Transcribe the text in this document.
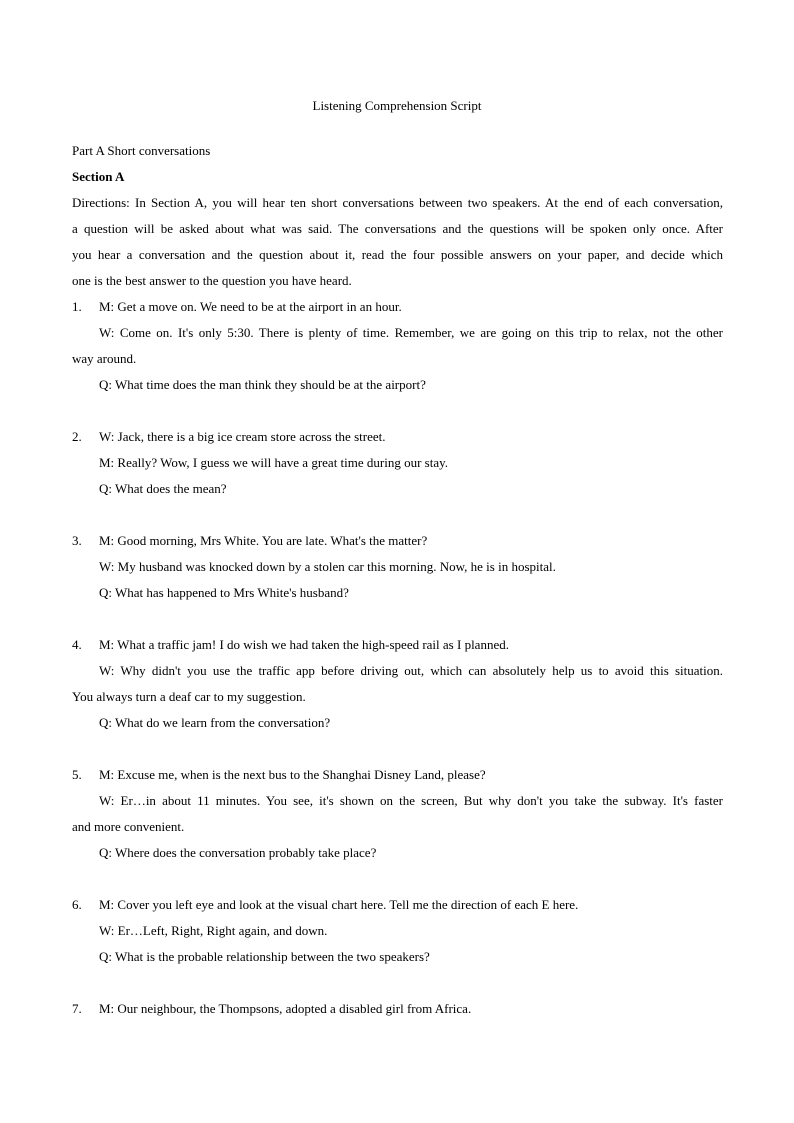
Listening Comprehension Script
Part A Short conversations
Section A
Directions: In Section A, you will hear ten short conversations between two speakers. At the end of each conversation,
a question will be asked about what was said. The conversations and the questions will be spoken only once. After
you hear a conversation and the question about it, read the four possible answers on your paper, and decide which
one is the best answer to the question you have heard.
1. M: Get a move on. We need to be at the airport in an hour.
W: Come on. It's only 5:30. There is plenty of time. Remember, we are going on this trip to relax, not the other
way around.
Q: What time does the man think they should be at the airport?
2. W: Jack, there is a big ice cream store across the street.
M: Really? Wow, I guess we will have a great time during our stay.
Q: What does the mean?
3. M: Good morning, Mrs White. You are late. What's the matter?
W: My husband was knocked down by a stolen car this morning. Now, he is in hospital.
Q: What has happened to Mrs White's husband?
4. M: What a traffic jam! I do wish we had taken the high-speed rail as I planned.
W: Why didn't you use the traffic app before driving out, which can absolutely help us to avoid this situation.
You always turn a deaf car to my suggestion.
Q: What do we learn from the conversation?
5. M: Excuse me, when is the next bus to the Shanghai Disney Land, please?
W: Er…in about 11 minutes. You see, it's shown on the screen, But why don't you take the subway. It's faster
and more convenient.
Q: Where does the conversation probably take place?
6. M: Cover you left eye and look at the visual chart here. Tell me the direction of each E here.
W: Er…Left, Right, Right again, and down.
Q: What is the probable relationship between the two speakers?
7. M: Our neighbour, the Thompsons, adopted a disabled girl from Africa.
